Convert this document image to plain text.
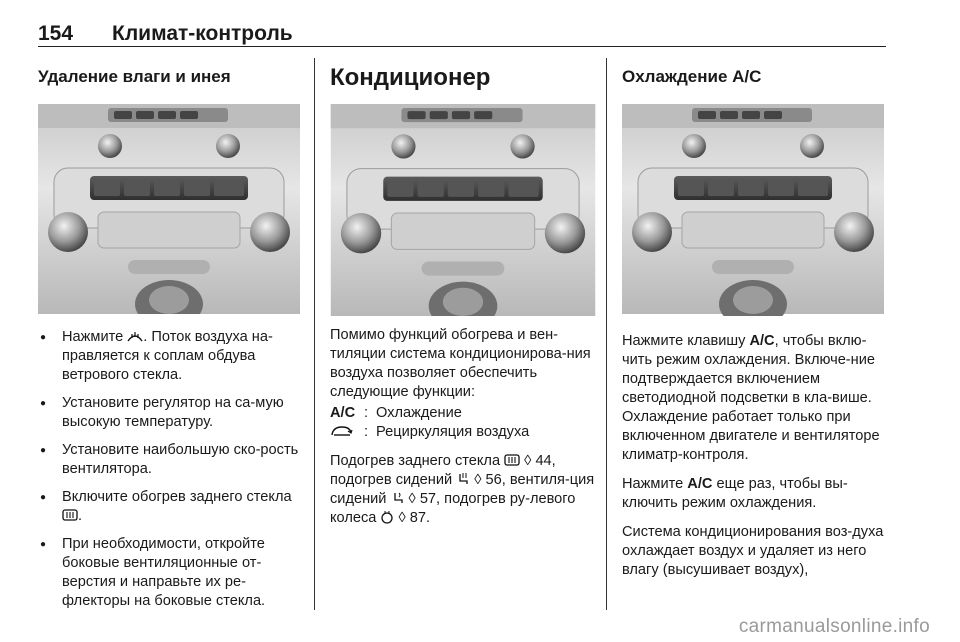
154 Климат-контроль
Удаление влаги и инея
● Нажмите . Поток воздуха на-правляется к соплам обдува ветрового стекла.
● Установите регулятор на са-мую высокую температуру.
● Установите наибольшую ско-рость вентилятора.
● Включите обогрев заднего стекла .
● При необходимости, откройте боковые вентиляционные от-верстия и направьте их ре-флекторы на боковые стекла.
Кондиционер

Помимо функций обогрева и вен-тиляции система кондиционирова-ния воздуха позволяет обеспечить следующие функции:

A/C : Охлаждение
: Рециркуляция воздуха

Подогрев заднего стекла  ◊ 44, подогрев сидений  ◊ 56, вентиля-ция сидений  ◊ 57, подогрев ру-левого колеса  ◊ 87.

Охлаждение A/C

Нажмите клавишу A/C, чтобы вклю-чить режим охлаждения. Включе-ние подтверждается включением светодиодной подсветки в кла-више. Охлаждение работает только при включенном двигателе и вентиляторе климатр-контроля.

Нажмите A/C еще раз, чтобы вы-ключить режим охлаждения.

Система кондиционирования воз-духа охлаждает воздух и удаляет из него влагу (высушивает воздух),

carmanualsonline.info
